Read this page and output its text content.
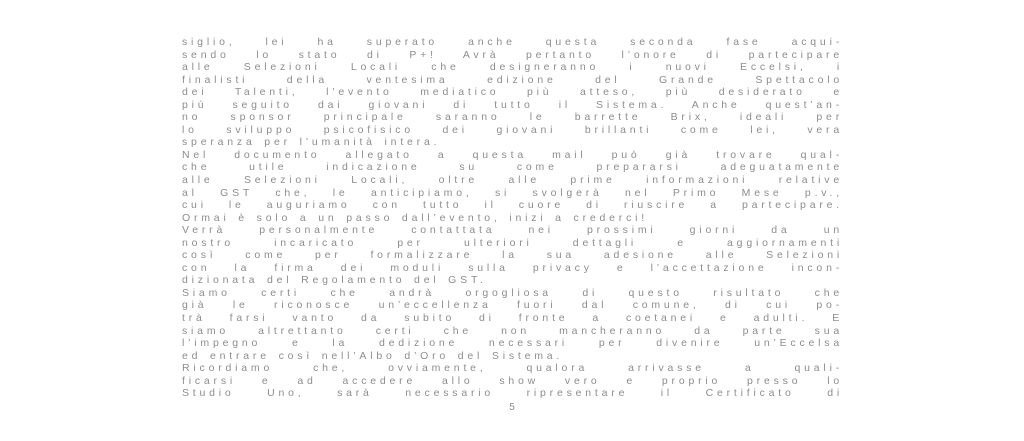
siglio, lei ha superato anche questa seconda fase acqui-
sendo lo stato di P+! Avrà pertanto l’onore di partecipare
alle Selezioni Locali che designeranno i nuovi Eccelsi, i
finalisti della ventesima edizione del Grande Spettacolo
dei Talenti, l’evento mediatico più atteso, più desiderato e
più seguito dai giovani di tutto il Sistema. Anche quest’an-
no sponsor principale saranno le barrette Brix, ideali per
lo sviluppo psicofisico dei giovani brillanti come lei, vera
speranza per l’umanità intera.
Nel documento allegato a questa mail può già trovare qual-
che utile indicazione su come prepararsi adeguatamente
alle Selezioni Locali, oltre alle prime informazioni relative
al GST che, le anticipiamo, si svolgerà nel Primo Mese p.v.,
cui le auguriamo con tutto il cuore di riuscire a partecipare.
Ormai è solo a un passo dall’evento, inizi a crederci!
Verrà personalmente contattata nei prossimi giorni da un
nostro incaricato per ulteriori dettagli e aggiornamenti
così come per formalizzare la sua adesione alle Selezioni
con la firma dei moduli sulla privacy e l’accettazione incon-
dizionata del Regolamento del GST.
Siamo certi che andrà orgogliosa di questo risultato che
già le riconosce un’eccellenza fuori dal comune, di cui po-
trà farsi vanto da subito di fronte a coetanei e adulti. E
siamo altrettanto certi che non mancheranno da parte sua
l’impegno e la dedizione necessari per divenire un’Eccelsa
ed entrare così nell’Albo d’Oro del Sistema.
Ricordiamo che, ovviamente, qualora arrivasse a quali-
ficarsi e ad accedere allo show vero e proprio presso lo
Studio Uno, sarà necessario ripresentare il Certificato di
5
